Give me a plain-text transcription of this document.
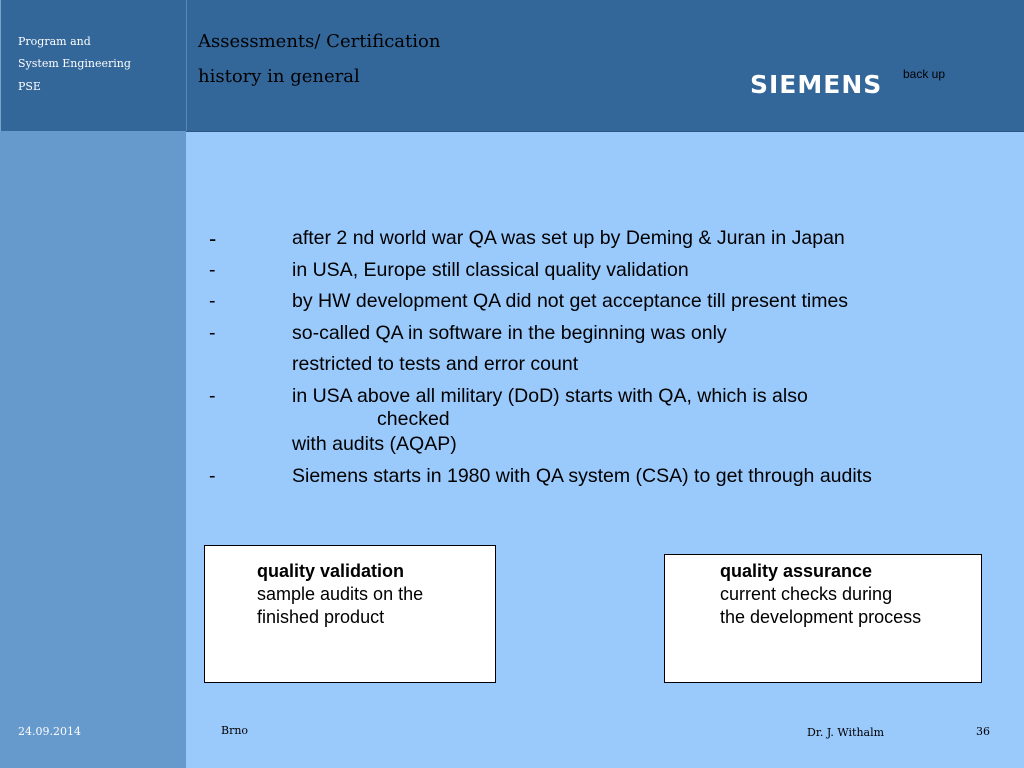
Program and
System Engineering
PSE
Assessments/ Certification
history in general	SIEMENS back up
-	after 2 nd world war QA was set up by Deming & Juran in Japan
-	in USA, Europe still classical quality validation
-	by HW development QA did not get acceptance till present times
-	so-called QA in software in the beginning was only
restricted to tests and error count
-	in USA above all military (DoD) starts with QA, which is also
checked
with audits (AQAP)
-	Siemens starts in 1980 with QA system (CSA) to get through audits
quality validation
sample audits on the
finished product
quality assurance
current checks during
the development process
24.09.2014	Brno	Dr. J. Withalm	36
